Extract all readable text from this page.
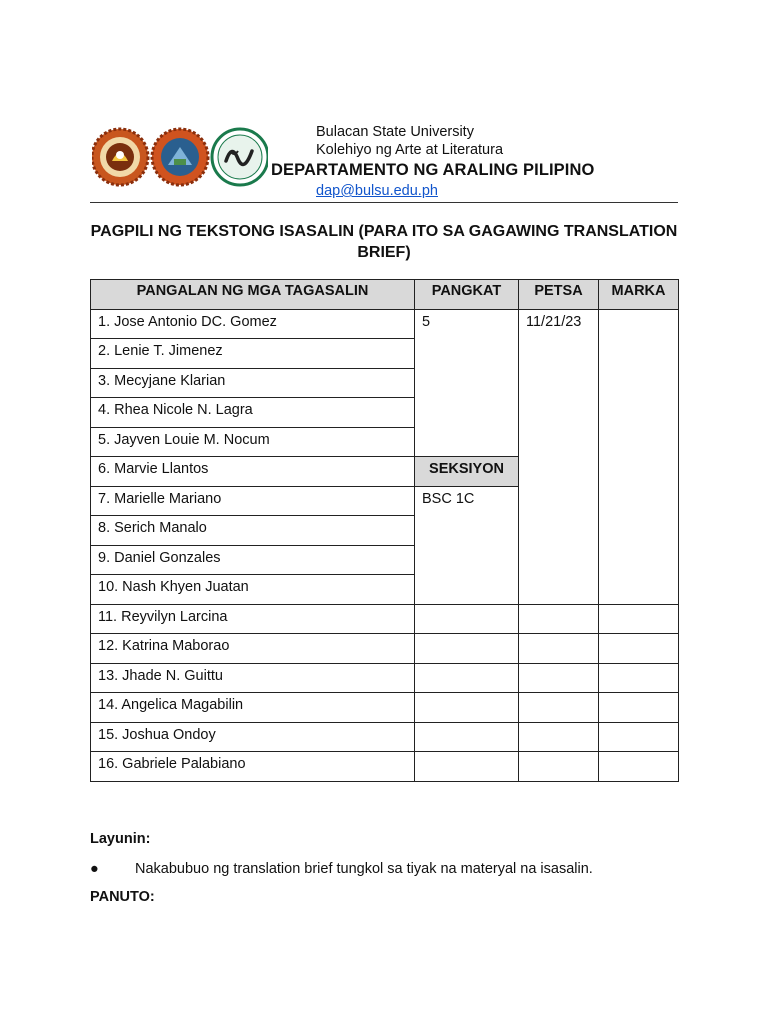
Bulacan State University
Kolehiyo ng Arte at Literatura
DEPARTAMENTO NG ARALING PILIPINO
dap@bulsu.edu.ph
PAGPILI NG TEKSTONG ISASALIN (PARA ITO SA GAGAWING TRANSLATION BRIEF)
PANGALAN NG MGA TAGASALIN	PANGKAT	PETSA	MARKA
1. Jose Antonio DC. Gomez	5	11/21/23	
2. Lenie T. Jimenez			
3. Mecyjane Klarian			
4. Rhea Nicole N. Lagra			
5. Jayven Louie M. Nocum			
6. Marvie Llantos	SEKSIYON		
7. Marielle Mariano	BSC 1C		
8. Serich Manalo			
9. Daniel Gonzales			
10. Nash Khyen Juatan			
11. Reyvilyn Larcina			
12. Katrina Maborao			
13. Jhade N. Guittu			
14. Angelica Magabilin			
15. Joshua Ondoy			
16. Gabriele Palabiano			
Layunin:
● Nakabubuo ng translation brief tungkol sa tiyak na materyal na isasalin.
PANUTO:
